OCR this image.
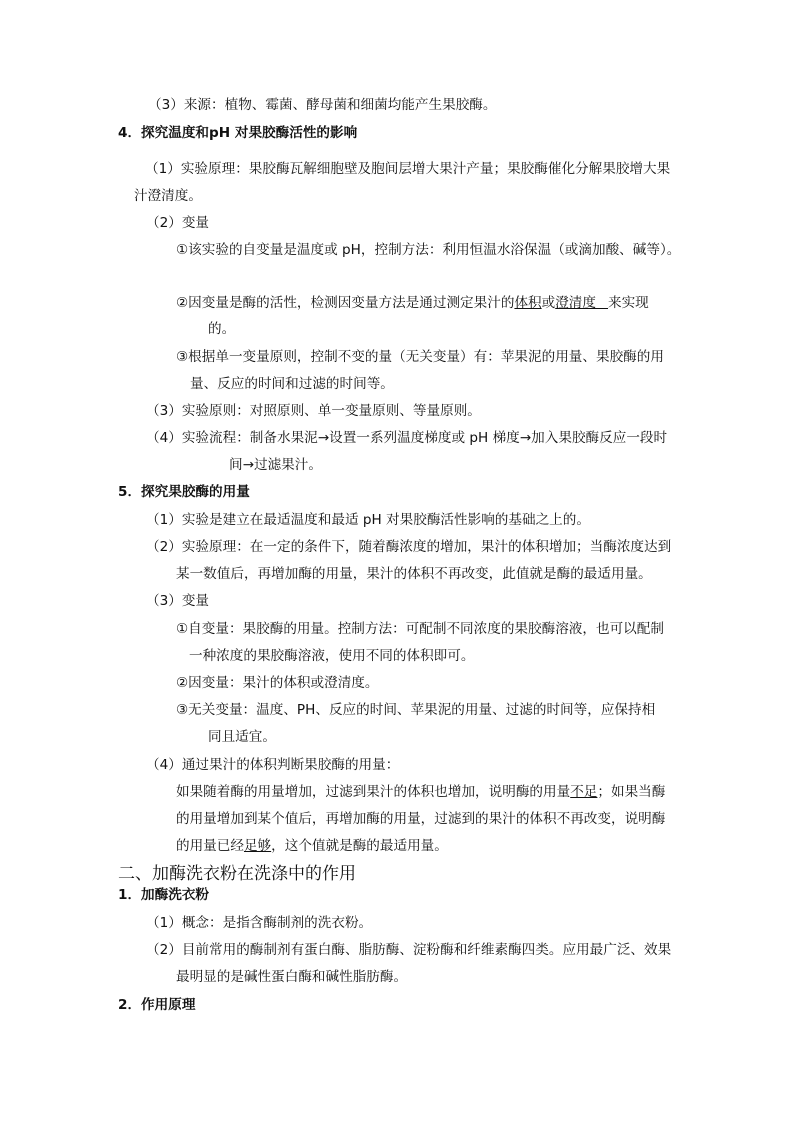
（3）来源：植物、霉菌、酵母菌和细菌均能产生果胶酶。
4．探究温度和pH 对果胶酶活性的影响
（1）实验原理：果胶酶瓦解细胞壁及胞间层增大果汁产量；果胶酶催化分解果胶增大果
汁澄清度。
（2）变量
①该实验的自变量是温度或 pH，控制方法：利用恒温水浴保温（或滴加酸、碱等）。
②因变量是酶的活性，检测因变量方法是通过测定果汁的体积或澄清度 来实现
的。
③根据单一变量原则，控制不变的量（无关变量）有：苹果泥的用量、果胶酶的用
量、反应的时间和过滤的时间等。
（3）实验原则：对照原则、单一变量原则、等量原则。
（4）实验流程：制备水果泥→设置一系列温度梯度或 pH 梯度→加入果胶酶反应一段时
间→过滤果汁。
5．探究果胶酶的用量
（1）实验是建立在最适温度和最适 pH 对果胶酶活性影响的基础之上的。
（2）实验原理：在一定的条件下，随着酶浓度的增加，果汁的体积增加；当酶浓度达到
某一数值后，再增加酶的用量，果汁的体积不再改变，此值就是酶的最适用量。
（3）变量
①自变量：果胶酶的用量。控制方法：可配制不同浓度的果胶酶溶液，也可以配制
一种浓度的果胶酶溶液，使用不同的体积即可。
②因变量：果汁的体积或澄清度。
③无关变量：温度、PH、反应的时间、苹果泥的用量、过滤的时间等，应保持相
同且适宜。
（4）通过果汁的体积判断果胶酶的用量：
如果随着酶的用量增加，过滤到果汁的体积也增加，说明酶的用量不足；如果当酶
的用量增加到某个值后，再增加酶的用量，过滤到的果汁的体积不再改变，说明酶
的用量已经足够，这个值就是酶的最适用量。
二、加酶洗衣粉在洗涤中的作用
1．加酶洗衣粉
（1）概念：是指含酶制剂的洗衣粉。
（2）目前常用的酶制剂有蛋白酶、脂肪酶、淀粉酶和纤维素酶四类。应用最广泛、效果
最明显的是碱性蛋白酶和碱性脂肪酶。
2．作用原理
